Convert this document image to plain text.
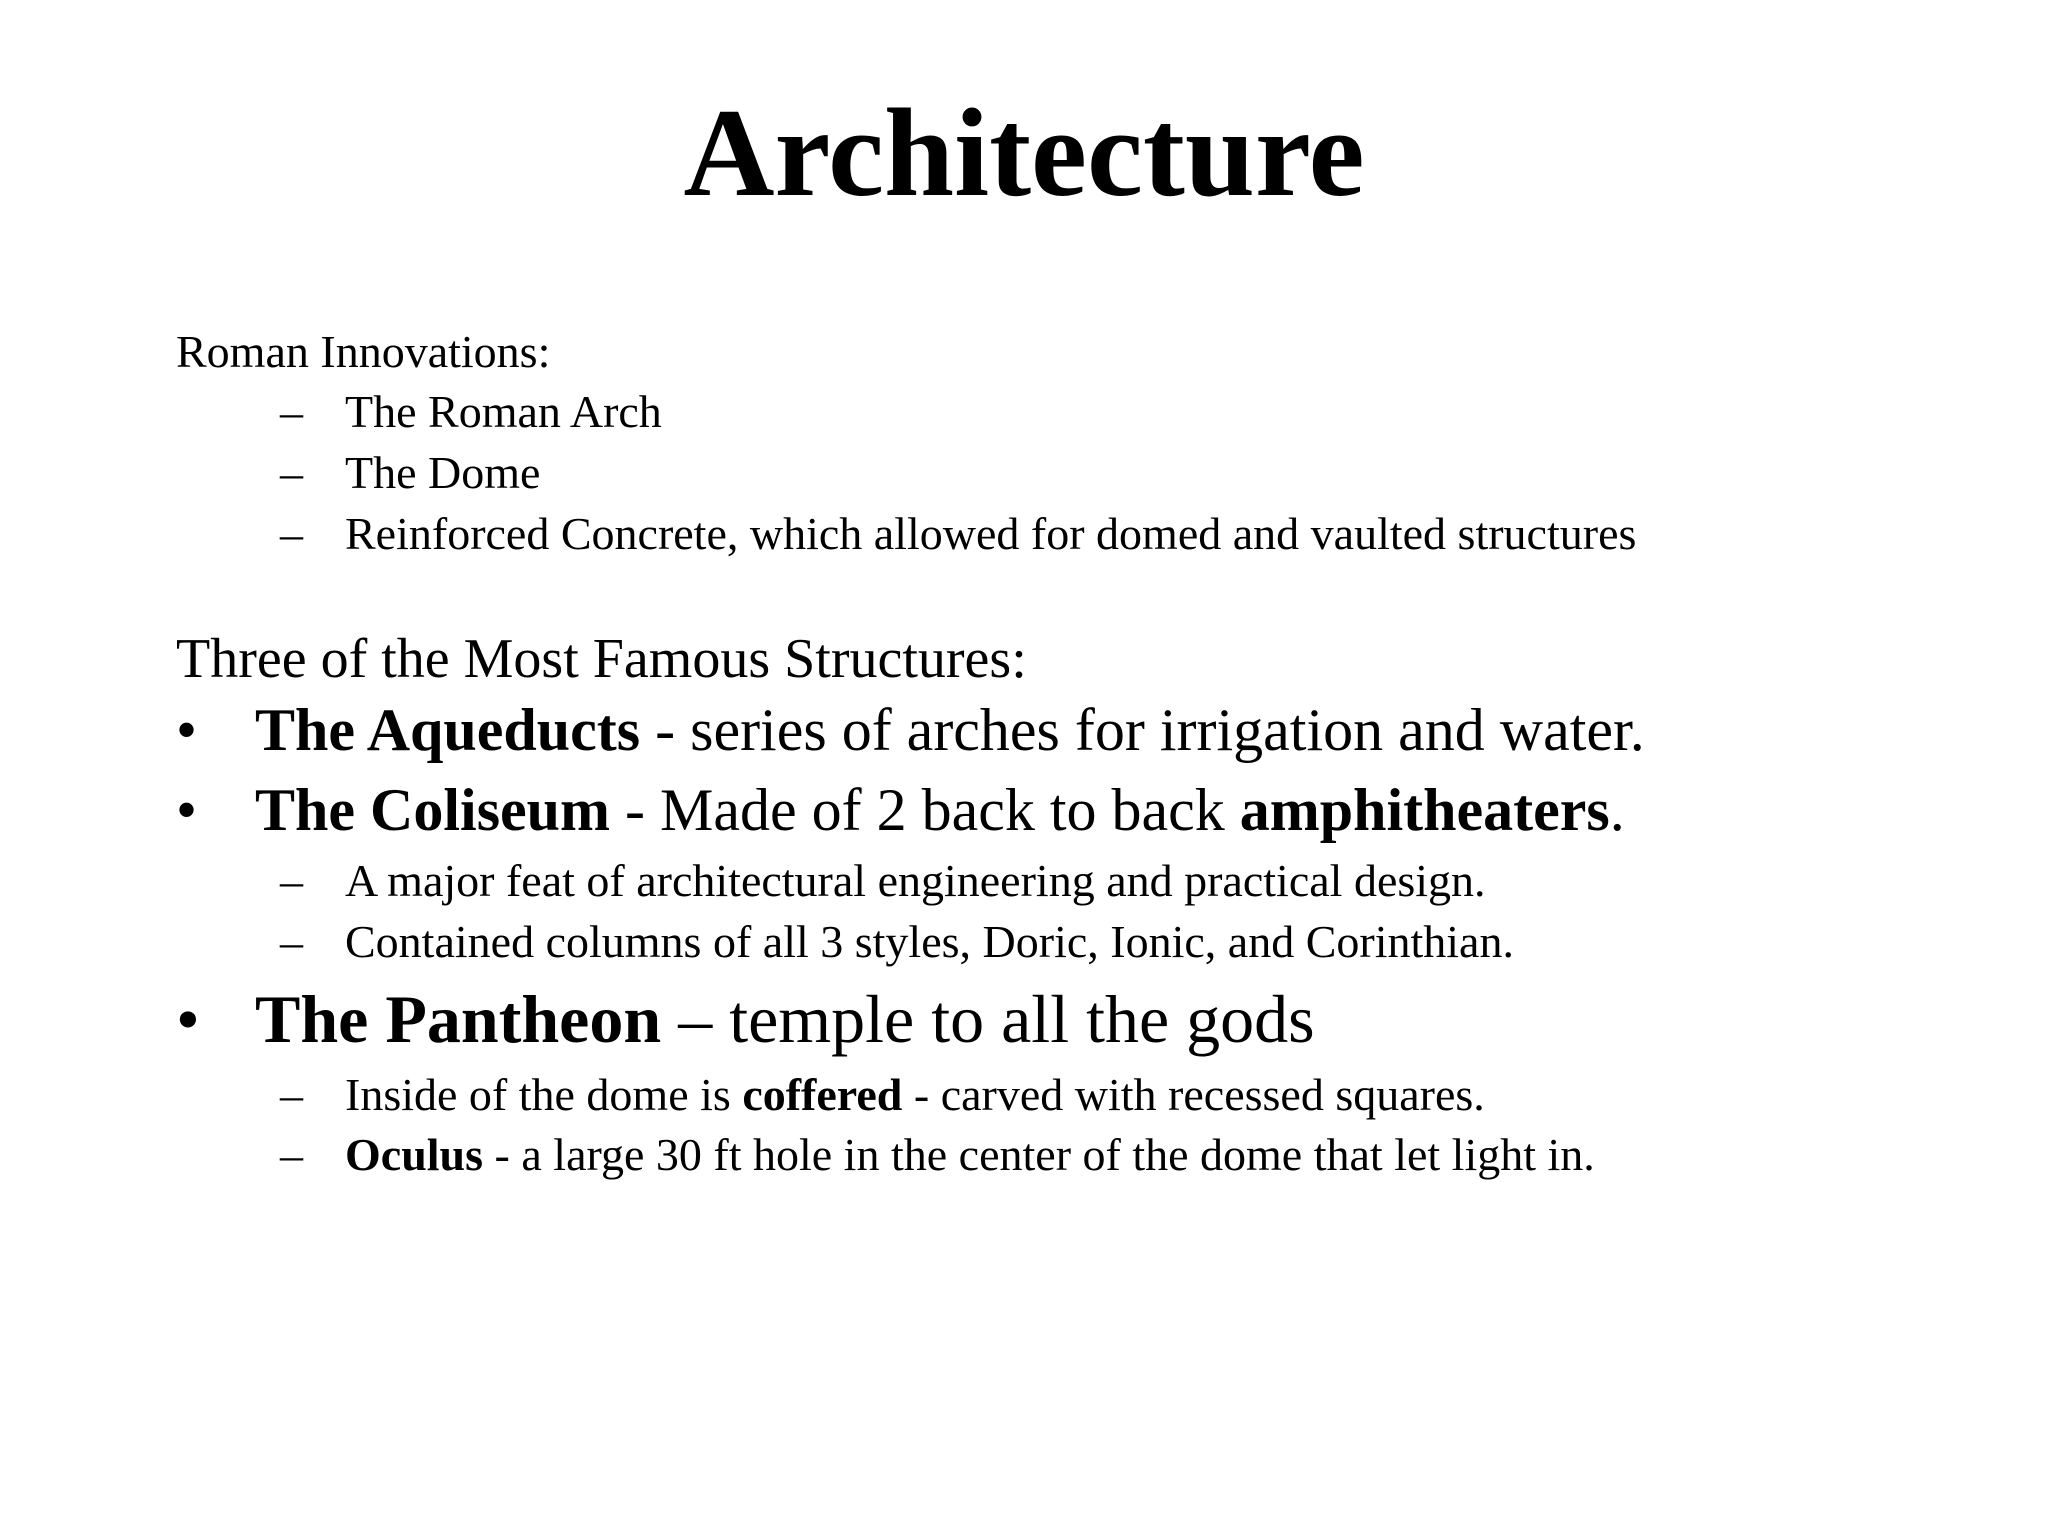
Architecture
Roman Innovations:
– The Roman Arch
– The Dome
– Reinforced Concrete, which allowed for domed and vaulted structures
Three of the Most Famous Structures:
• The Aqueducts - series of arches for irrigation and water.
• The Coliseum - Made of 2 back to back amphitheaters.
– A major feat of architectural engineering and practical design.
– Contained columns of all 3 styles, Doric, Ionic, and Corinthian.
• The Pantheon – temple to all the gods
– Inside of the dome is coffered - carved with recessed squares.
– Oculus - a large 30 ft hole in the center of the dome that let light in.
